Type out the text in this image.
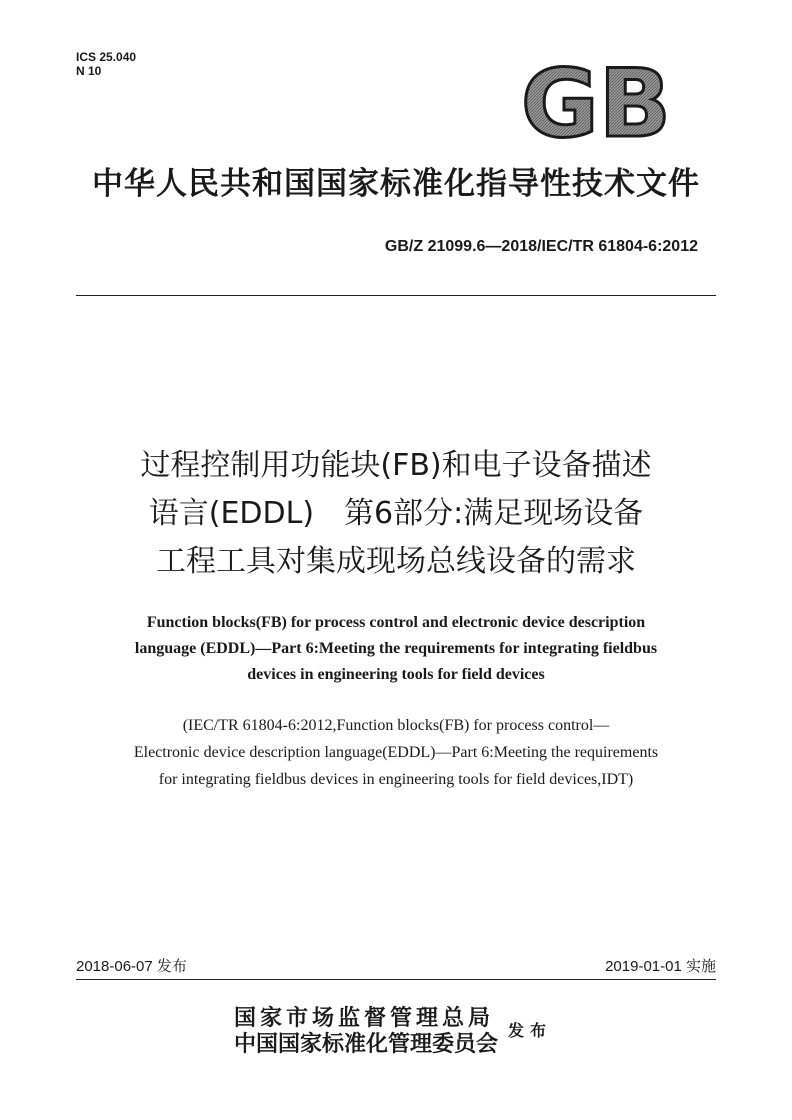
ICS 25.040
N 10	GB
中华人民共和国国家标准化指导性技术文件
GB/Z 21099.6—2018/IEC/TR 61804-6:2012
过程控制用功能块(FB)和电子设备描述
语言(EDDL)　第6部分:满足现场设备
工程工具对集成现场总线设备的需求
Function blocks(FB) for process control and electronic device description
language (EDDL)—Part 6:Meeting the requirements for integrating fieldbus
devices in engineering tools for field devices
(IEC/TR 61804-6:2012,Function blocks(FB) for process control—
Electronic device description language(EDDL)—Part 6:Meeting the requirements
for integrating fieldbus devices in engineering tools for field devices,IDT)
2018-06-07 发布	2019-01-01 实施
国家市场监督管理总局
中国国家标准化管理委员会
发布
